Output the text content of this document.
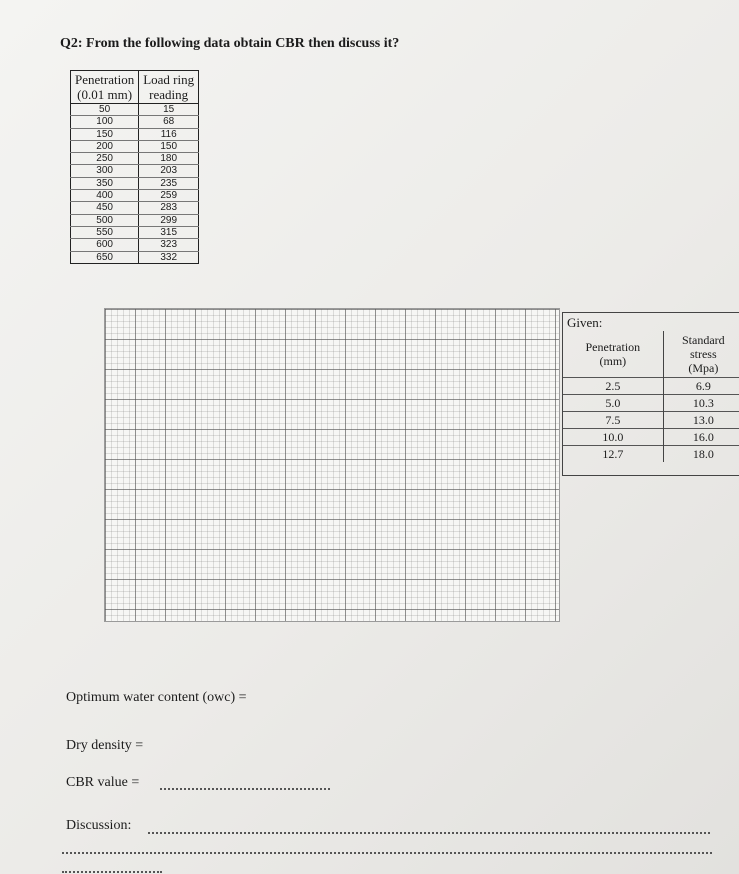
Q2: From the following data obtain CBR then discuss it?
Penetration
(0.01 mm)	Load ring
reading
50	15
100	68
150	116
200	150
250	180
300	203
350	235
400	259
450	283
500	299
550	315
600	323
650	332
Given:
Penetration
(mm)	Standard
stress
(Mpa)
2.5	6.9
5.0	10.3
7.5	13.0
10.0	16.0
12.7	18.0
Optimum water content (owc) =
Dry density =
CBR value =
Discussion:
